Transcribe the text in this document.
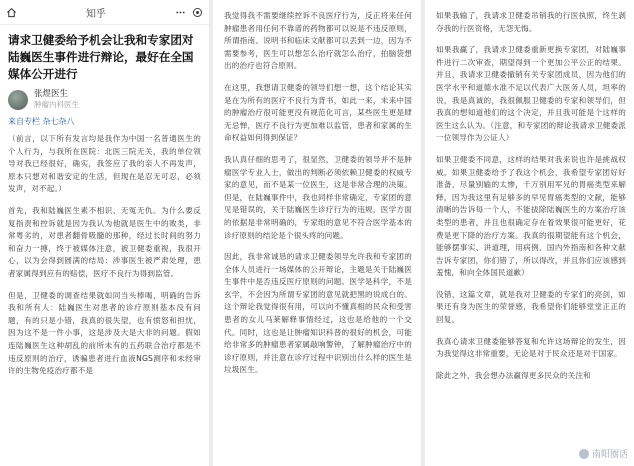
知乎
请求卫健委给予机会让我和专家团对陆巍医生事件进行辩论，最好在全国媒体公开进行
张煜医生
肿瘤内科医生
来自专栏 杂七杂八

（前言，以下所有发言均是我作为中国一名普通医生的个人行为，与我所在医院：北医三院无关，我的单位领导对我已经很好，确实，我签应了我的亲人不再发声，原本只想对和谐安定的生活，但现在是忍无可忍，必须发声，对不起。）

首先，我和陆巍医生素不相识、无冤无仇。为什么要反复指责和控诉就是因为我认为他就是医生中的败类，非常粤劣的，对患者翻骨吸髓的那种，经过长时间的努力和奋力一搏，终于被媒体注意，被卫健委重视，我很开心，以为会得到圆满的结局：涉事医生被严肃处理，患者家属得到应有的赔偿，医疗不良行为得到监管。

但是，卫健委的调查结果就如同当头棒喝，明确的告诉我和所有人：陆巍医生对患者的诊疗原则基本没有问题，有的只是小错，我真的很失望，也有愤怒和担忧，因为这不是一件小事，这是涉及大是大非的问题。假如连陆巍医生这种胡乱的前所未有的五药联合治疗都是不违反原则的治疗，诱骗患者进行血液NGS测序和未经审许的生物免疫治疗都不是

我觉得我不需要继续控诉不良医疗行为，反正将来任何肿瘤患者用任何不靠谱的药物都可以说是不违反原则，所谓指南、说明书和临床文献都可以丢到一边，因为不需要参考，医生可以想怎么治疗就怎么治疗，拍脑袋想出的治疗也符合原则。

在这里，我想请卫健委的领导们想一想，这个结论其实是在为所有的医疗不良行为背书，如此一来，未来中国的肿瘤治疗很可能更没有规范化可言，某些医生更是肆无忌惮，医疗不良行为更加难以监管，患者和家属的生命权益如何得到保证？

我认真仔细的思考了，很显然，卫健委的领导并不是肿瘤医学专业人士，做出的判断必须依赖卫健委的权威专家的意见，而不是某一位医生，这是非常合理的决策。但是，在陆巍事件中，我也同样非常确定，专家团的意见是错误的，关于陆巍医生诊疗行为的违规，医学方面的依据是非常明确的，专家组的意见不符合医学基本的诊疗原则的结论是个很头疼的问题。

因此，我非常诚恳的请求卫健委领导允许我和专家团的全体人员进行一场媒体的公开辩论，主题是关于陆巍医生事件中是否违反医疗原则的问题。医学是科学，不是玄学，不会因为所谓专家团的意见就把黑的说成白的。这个辩论我觉得很有用，可以向不懂真相的民众和受害患者的女儿马莱解释事情经过，这也是给他的一个交代。同时，这也是让肿瘤知识科普的很好的机会，可能给非常多的肿瘤患者家属敲响警钟，了解肿瘤治疗中的诊疗原则，并注意在诊疗过程中识别出什么样的医生是垃圾医生。

如果我输了，我请求卫健委吊销我的行医执照，终生剥夺我的行医资格，无怨无悔。

如果我赢了，我请求卫健委重新更换专家团，对陆巍事件进行二次审查，期望得到一个更加公平公正的结果。并且，我请求卫健委撤销有关专家团成员，因为他们的医学水平和道德水准不足以代表广大医务人员，坦率的说，我是真诚的，我很佩服卫健委的专家和领导们，但我真的想知道他们的这个决定，并且我可能是个这样的医生这么认为。（注意，和专家团的辩论我请求卫健委派一位领导作为公证人）

如果卫健委不同意，这样的结果对我来说也许是挑战权威，如果卫健委给予了我这个机会，我希望专家团好好准备，尽量别输的太惨，千万别用军兄的胃癌类型来解释，因为我这里有足够多的早见胃癌类型的文献，能够清晰的告诉每一个人，不能拔除陆巍医生的方案治疗该类型的患者，并且也很确定存在着效果很可能更好，花费是更下降的治疗方案。我真的很期望能有这个机会，能够摆事实、讲道理，用病例、国内外指南和各种文献告诉专家团，你们错了，所以得改，并且你们应该感到羞愧，和向全体国民道歉）

没错，这篇文章，就是我对卫健委的专家们的亮剑，如果还有身为医生的荣誉感，我希望你们能够堂堂正正的回复。

我真心请求卫健委能够答复和允许这场辩论的发生，因为我觉得这非常重要，无论是对于民众还是对于国家。

除此之外，我会想办法赢得更多民众的关注和

南阳圈话
